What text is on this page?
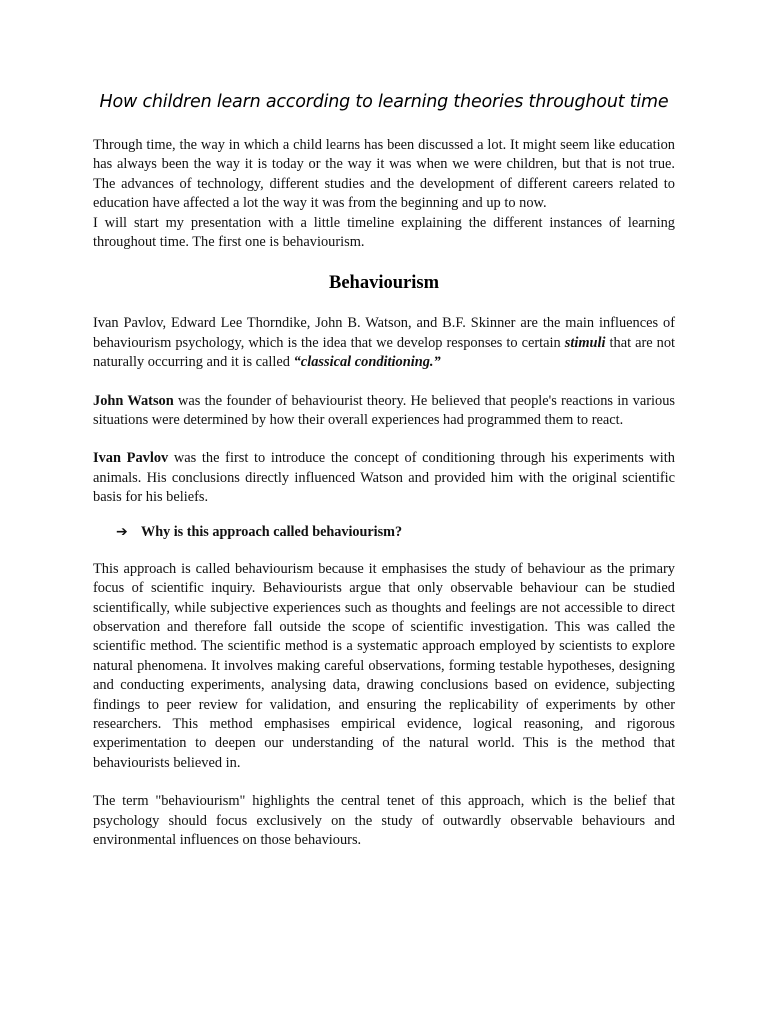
How children learn according to learning theories throughout time

Through time, the way in which a child learns has been discussed a lot. It might seem like education has always been the way it is today or the way it was when we were children, but that is not true. The advances of technology, different studies and the development of different careers related to education have affected a lot the way it was from the beginning and up to now.

I will start my presentation with a little timeline explaining the different instances of learning throughout time. The first one is behaviourism.

Behaviourism

Ivan Pavlov, Edward Lee Thorndike, John B. Watson, and B.F. Skinner are the main influences of behaviourism psychology, which is the idea that we develop responses to certain stimuli that are not naturally occurring and it is called “classical conditioning.”

John Watson was the founder of behaviourist theory. He believed that people's reactions in various situations were determined by how their overall experiences had programmed them to react.

Ivan Pavlov was the first to introduce the concept of conditioning through his experiments with animals. His conclusions directly influenced Watson and provided him with the original scientific basis for his beliefs.

➔ Why is this approach called behaviourism?

This approach is called behaviourism because it emphasises the study of behaviour as the primary focus of scientific inquiry. Behaviourists argue that only observable behaviour can be studied scientifically, while subjective experiences such as thoughts and feelings are not accessible to direct observation and therefore fall outside the scope of scientific investigation. This was called the scientific method. The scientific method is a systematic approach employed by scientists to explore natural phenomena. It involves making careful observations, forming testable hypotheses, designing and conducting experiments, analysing data, drawing conclusions based on evidence, subjecting findings to peer review for validation, and ensuring the replicability of experiments by other researchers. This method emphasises empirical evidence, logical reasoning, and rigorous experimentation to deepen our understanding of the natural world. This is the method that behaviourists believed in.

The term "behaviourism" highlights the central tenet of this approach, which is the belief that psychology should focus exclusively on the study of outwardly observable behaviours and environmental influences on those behaviours.
